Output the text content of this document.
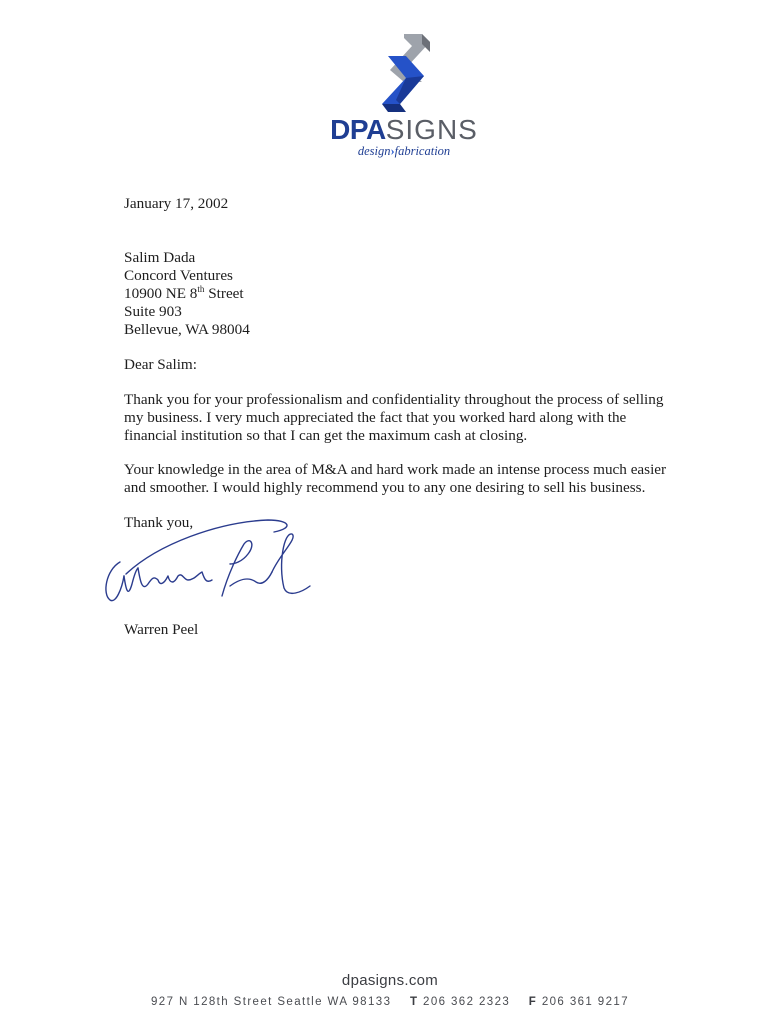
DPASIGNS
design›fabrication
January 17, 2002
Salim Dada
Concord Ventures
10900 NE 8th Street
Suite 903
Bellevue, WA 98004
Dear Salim:
Thank you for your professionalism and confidentiality throughout the process of selling
my business. I very much appreciated the fact that you worked hard along with the
financial institution so that I can get the maximum cash at closing.
Your knowledge in the area of M&A and hard work made an intense process much easier
and smoother. I would highly recommend you to any one desiring to sell his business.
Thank you,
Warren Peel
dpasigns.com
927 N 128th Street Seattle WA 98133 T 206 362 2323 F 206 361 9217
